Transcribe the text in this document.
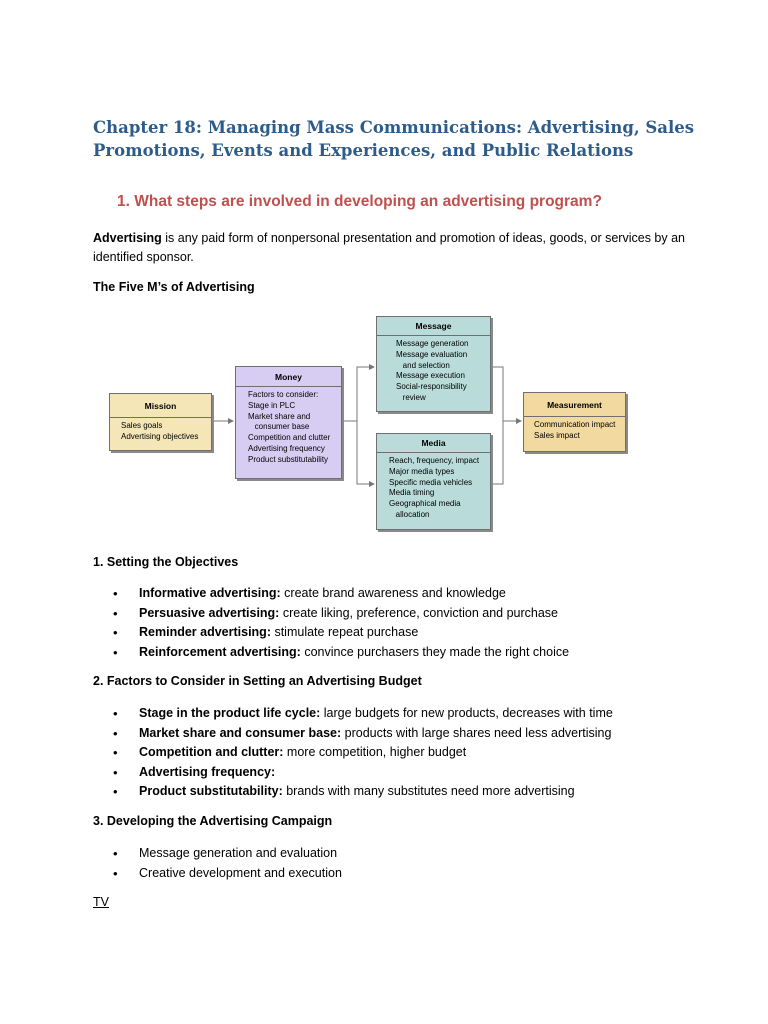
Chapter 18: Managing Mass Communications: Advertising, Sales Promotions, Events and Experiences, and Public Relations
1. What steps are involved in developing an advertising program?

Advertising is any paid form of nonpersonal presentation and promotion of ideas, goods, or services by an identified sponsor.

The Five M’s of Advertising

Mission
Sales goals
Advertising objectives
Money
Factors to consider:
Stage in PLC
Market share and
consumer base
Competition and clutter
Advertising frequency
Product substitutability
Message
Message generation
Message evaluation
and selection
Message execution
Social-responsibility
review
Media
Reach, frequency, impact
Major media types
Specific media vehicles
Media timing
Geographical media
allocation
Measurement
Communication impact
Sales impact

1. Setting the Objectives

• Informative advertising: create brand awareness and knowledge
• Persuasive advertising: create liking, preference, conviction and purchase
• Reminder advertising: stimulate repeat purchase
• Reinforcement advertising: convince purchasers they made the right choice

2. Factors to Consider in Setting an Advertising Budget

• Stage in the product life cycle: large budgets for new products, decreases with time
• Market share and consumer base: products with large shares need less advertising
• Competition and clutter: more competition, higher budget
• Advertising frequency:
• Product substitutability: brands with many substitutes need more advertising

3. Developing the Advertising Campaign

• Message generation and evaluation
• Creative development and execution

TV
